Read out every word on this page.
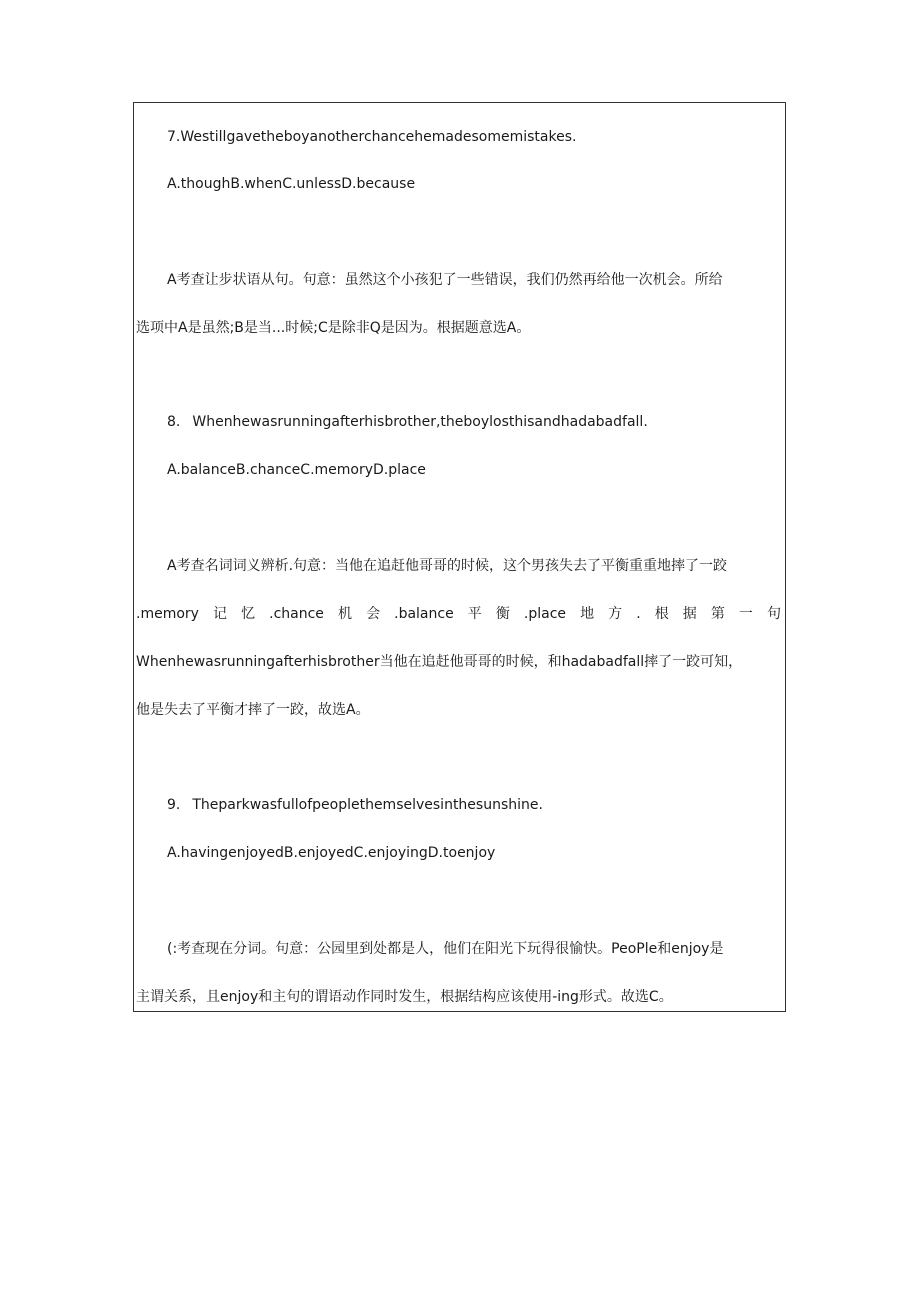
7.Westillgavetheboyanotherchancehemadesomemistakes.
A.thoughB.whenC.unlessD.because
A考查让步状语从句。句意：虽然这个小孩犯了一些错误，我们仍然再给他一次机会。所给
选项中A是虽然;B是当...时候;C是除非Q是因为。根据题意选A。
8. Whenhewasrunningafterhisbrother,theboylosthisandhadabadfall.
A.balanceB.chanceC.memoryD.place
A考查名词词义辨析.句意：当他在追赶他哥哥的时候，这个男孩失去了平衡重重地摔了一跤
.memory 记 忆 .chance 机 会 .balance 平 衡 .place 地 方 . 根 据 第 一 句
Whenhewasrunningafterhisbrother当他在追赶他哥哥的时候，和hadabadfall摔了一跤可知，
他是失去了平衡才摔了一跤，故选A。
9. Theparkwasfullofpeoplethemselvesinthesunshine.
A.havingenjoyedB.enjoyedC.enjoyingD.toenjoy
(:考查现在分词。句意：公园里到处都是人，他们在阳光下玩得很愉快。PeoPle和enjoy是
主谓关系，且enjoy和主句的谓语动作同时发生，根据结构应该使用-ing形式。故选C。
